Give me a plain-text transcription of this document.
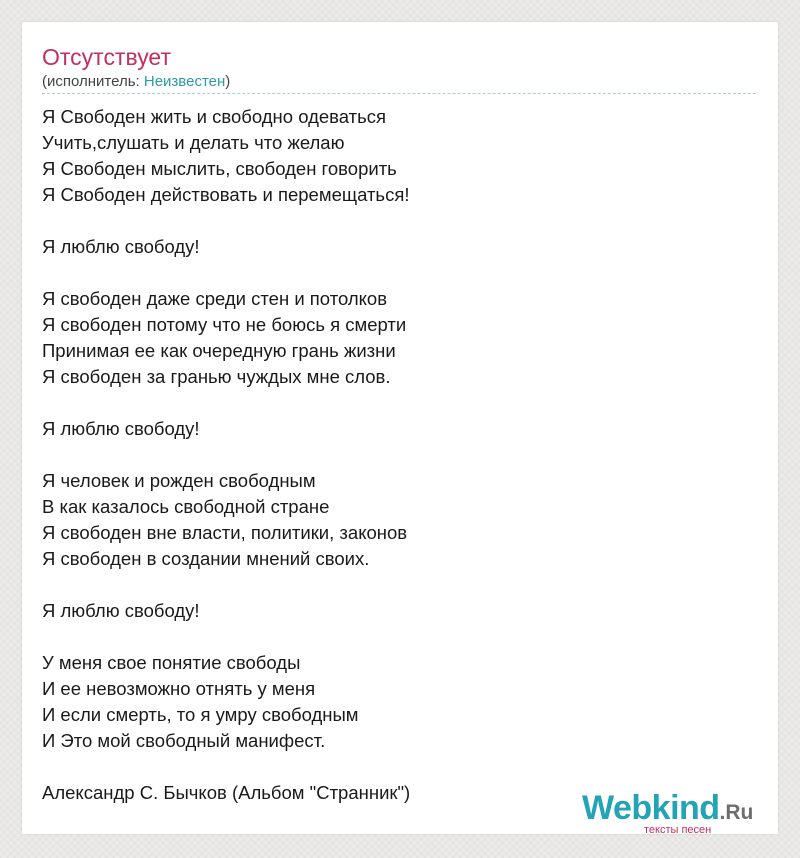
Отсутствует
(исполнитель: Неизвестен)
Я Свободен жить и свободно одеваться
Учить,слушать и делать что желаю
Я Свободен мыслить, свободен говорить
Я Свободен действовать и перемещаться!
Я люблю свободу!
Я свободен даже среди стен и потолков
Я свободен потому что не боюсь я смерти
Принимая ее как очередную грань жизни
Я свободен за гранью чуждых мне слов.
Я люблю свободу!
Я человек и рожден свободным
В как казалось свободной стране
Я свободен вне власти, политики, законов
Я свободен в создании мнений своих.
Я люблю свободу!
У меня свое понятие свободы
И ее невозможно отнять у меня
И если смерть, то я умру свободным
И Это мой свободный манифест.
Александр С. Бычков (Альбом "Странник")	Webkind.Ru
тексты песен
